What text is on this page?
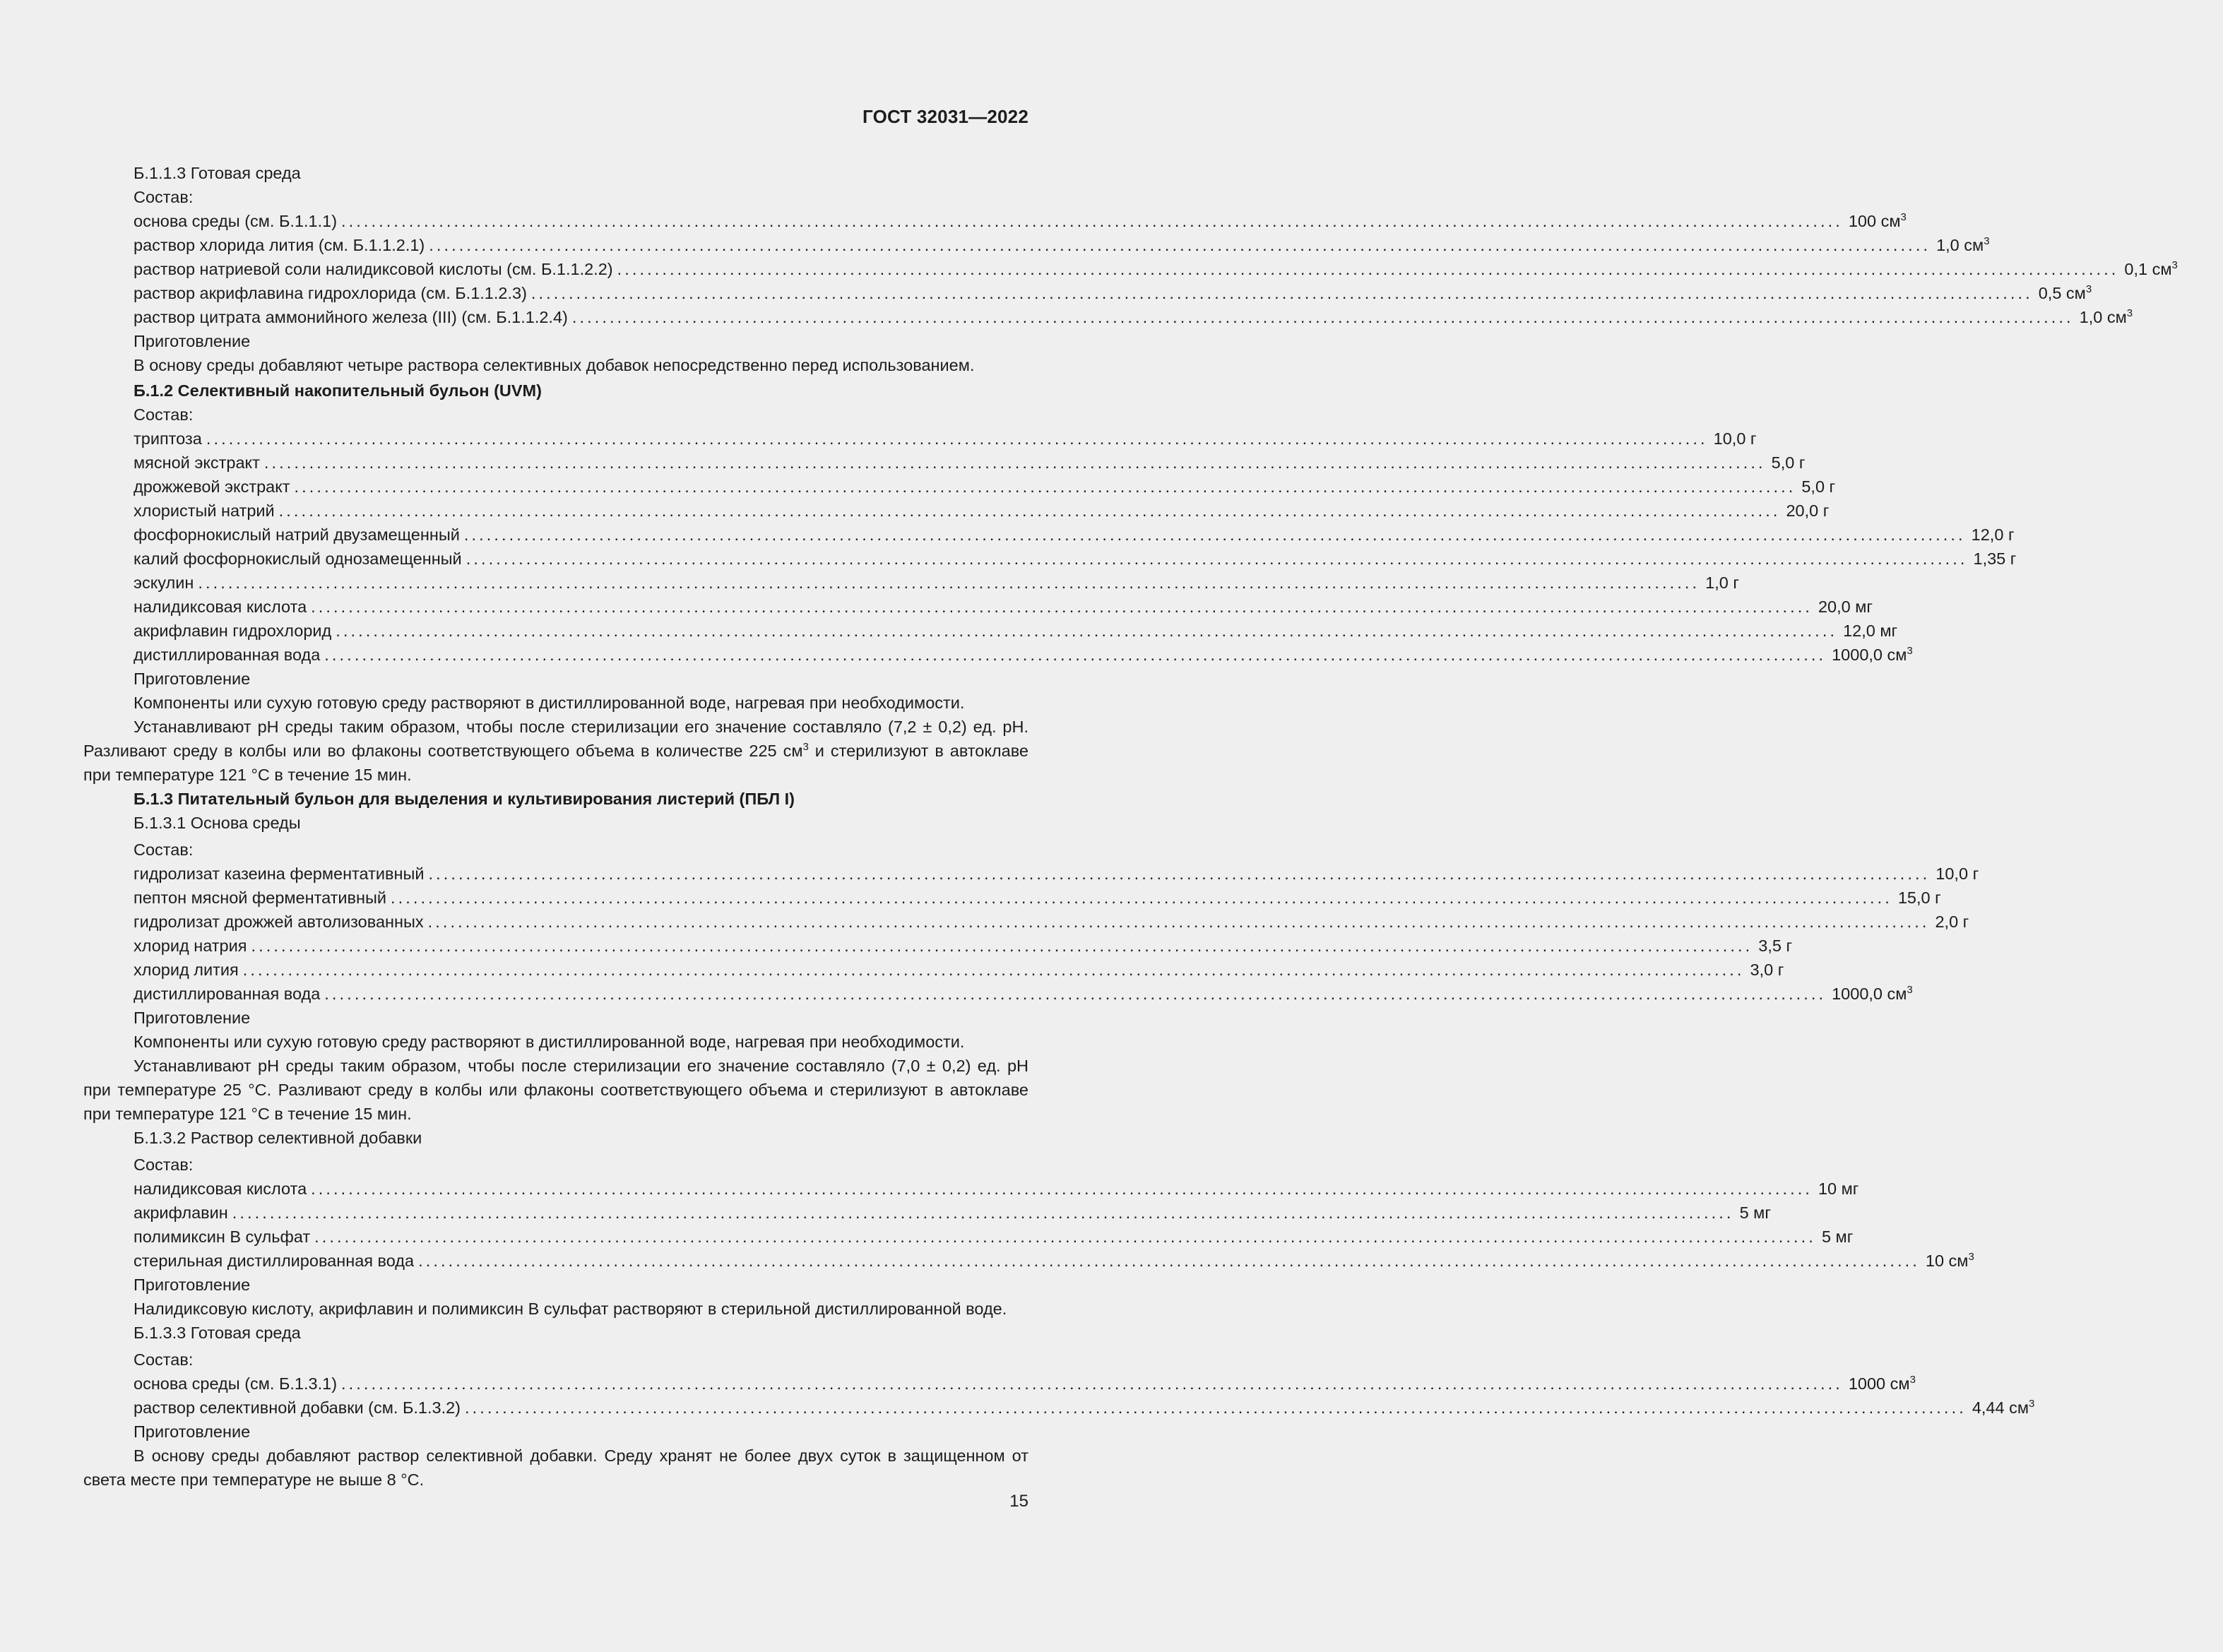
ГОСТ 32031—2022
Б.1.1.3 Готовая среда
Состав:
основа среды (см. Б.1.1.1) ........................................................................................................................................................................................................ 100 $см^3$
раствор хлорида лития (см. Б.1.1.2.1) ........................................................................................................................................................................................................ 1,0 $см^3$
раствор натриевой соли налидиксовой кислоты (см. Б.1.1.2.2) ........................................................................................................................................................................................................ 0,1 $см^3$
раствор акрифлавина гидрохлорида (см. Б.1.1.2.3) ........................................................................................................................................................................................................ 0,5 $см^3$
раствор цитрата аммонийного железа (III) (см. Б.1.1.2.4) ........................................................................................................................................................................................................ 1,0 $см^3$
Приготовление
В основу среды добавляют четыре раствора селективных добавок непосредственно перед использованием.
Б.1.2 Селективный накопительный бульон (UVM)
Состав:
триптоза ........................................................................................................................................................................................................ 10,0 г
мясной экстракт ........................................................................................................................................................................................................ 5,0 г
дрожжевой экстракт ........................................................................................................................................................................................................ 5,0 г
хлористый натрий ........................................................................................................................................................................................................ 20,0 г
фосфорнокислый натрий двузамещенный ........................................................................................................................................................................................................ 12,0 г
калий фосфорнокислый однозамещенный ........................................................................................................................................................................................................ 1,35 г
эскулин ........................................................................................................................................................................................................ 1,0 г
налидиксовая кислота ........................................................................................................................................................................................................ 20,0 мг
акрифлавин гидрохлорид ........................................................................................................................................................................................................ 12,0 мг
дистиллированная вода ........................................................................................................................................................................................................ 1000,0 $см^3$
Приготовление
Компоненты или сухую готовую среду растворяют в дистиллированной воде, нагревая при необходимости.
Устанавливают pH среды таким образом, чтобы после стерилизации его значение составляло (7,2 ± 0,2) ед. pH. Разливают среду в колбы или во флаконы соответствующего объема в количестве 225 $см^3$ и стерилизуют в автоклаве при температуре 121 °С в течение 15 мин.
Б.1.3 Питательный бульон для выделения и культивирования листерий (ПБЛ I)
Б.1.3.1 Основа среды
Состав:
гидролизат казеина ферментативный ........................................................................................................................................................................................................ 10,0 г
пептон мясной ферментативный ........................................................................................................................................................................................................ 15,0 г
гидролизат дрожжей автолизованных ........................................................................................................................................................................................................ 2,0 г
хлорид натрия ........................................................................................................................................................................................................ 3,5 г
хлорид лития ........................................................................................................................................................................................................ 3,0 г
дистиллированная вода ........................................................................................................................................................................................................ 1000,0 $см^3$
Приготовление
Компоненты или сухую готовую среду растворяют в дистиллированной воде, нагревая при необходимости.
Устанавливают pH среды таким образом, чтобы после стерилизации его значение составляло (7,0 ± 0,2) ед. pH при температуре 25 °С. Разливают среду в колбы или флаконы соответствующего объема и стерилизуют в автоклаве при температуре 121 °С в течение 15 мин.
Б.1.3.2 Раствор селективной добавки
Состав:
налидиксовая кислота ........................................................................................................................................................................................................ 10 мг
акрифлавин ........................................................................................................................................................................................................ 5 мг
полимиксин В сульфат ........................................................................................................................................................................................................ 5 мг
стерильная дистиллированная вода ........................................................................................................................................................................................................ 10 $см^3$
Приготовление
Налидиксовую кислоту, акрифлавин и полимиксин В сульфат растворяют в стерильной дистиллированной воде.
Б.1.3.3 Готовая среда
Состав:
основа среды (см. Б.1.3.1) ........................................................................................................................................................................................................ 1000 $см^3$
раствор селективной добавки (см. Б.1.3.2) ........................................................................................................................................................................................................ 4,44 $см^3$
Приготовление
В основу среды добавляют раствор селективной добавки. Среду хранят не более двух суток в защищенном от света месте при температуре не выше 8 °С.
15
